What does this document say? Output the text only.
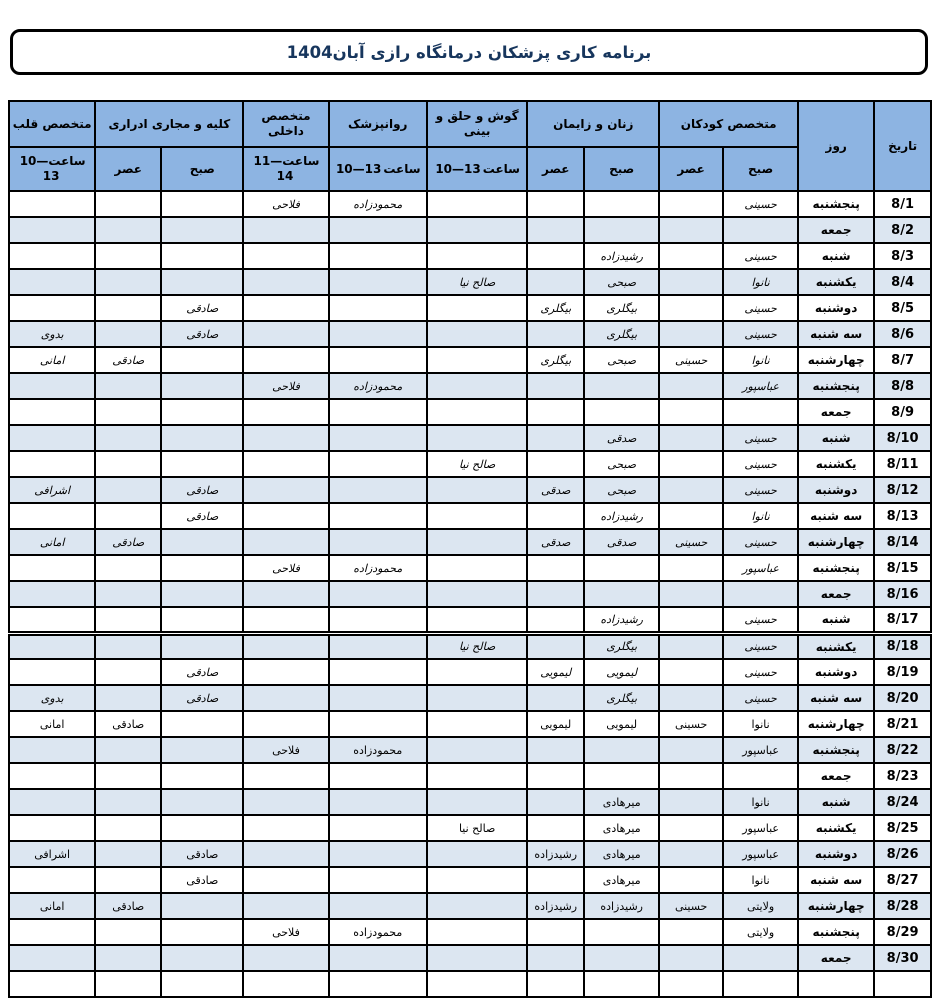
برنامه کاری پزشکان درمانگاه رازی آبان1404
تاریخ	روز	متخصص کودکان		زنان و زایمان		گوش و حلق و بینی	روانپزشک	متخصص داخلی	کلیه و مجاری ادراری		متخصص قلب
		صبح	عصر	صبح	عصر	ساعت10—13	ساعت10—13	ساعت11—14	صبح	عصر	ساعت10—13
8/1	پنجشنبه	حسینی					محمودزاده	فلاحی			
8/2	جمعه										
8/3	شنبه	حسینی		رشیدزاده							
8/4	یکشنبه	نانوا		صبحی		صالح نیا					
8/5	دوشنبه	حسینی		بیگلری	بیگلری				صادقی		
8/6	سه شنبه	حسینی		بیگلری					صادقی		بدوی
8/7	چهارشنبه	نانوا	حسینی	صبحی	بیگلری					صادقی	امانی
8/8	پنجشنبه	عباسپور					محمودزاده	فلاحی			
8/9	جمعه										
8/10	شنبه	حسینی		صدقی							
8/11	یکشنبه	حسینی		صبحی		صالح نیا					
8/12	دوشنبه	حسینی		صبحی	صدقی				صادقی		اشرافی
8/13	سه شنبه	نانوا		رشیدزاده					صادقی		
8/14	چهارشنبه	حسینی	حسینی	صدقی	صدقی					صادقی	امانی
8/15	پنجشنبه	عباسپور					محمودزاده	فلاحی			
8/16	جمعه										
8/17	شنبه	حسینی		رشیدزاده							
8/18	یکشنبه	حسینی		بیگلری		صالح نیا					
8/19	دوشنبه	حسینی		لیمویی	لیمویی				صادقی		
8/20	سه شنبه	حسینی		بیگلری					صادقی		بدوی
8/21	چهارشنبه	نانوا	حسینی	لیمویی	لیمویی					صادقی	امانی
8/22	پنجشنبه	عباسپور					محمودزاده	فلاحی			
8/23	جمعه										
8/24	شنبه	نانوا		میرهادی							
8/25	یکشنبه	عباسپور		میرهادی		صالح نیا					
8/26	دوشنبه	عباسپور		میرهادی	رشیدزاده				صادقی		اشرافی
8/27	سه شنبه	نانوا		میرهادی					صادقی		
8/28	چهارشنبه	ولایتی	حسینی	رشیدزاده	رشیدزاده					صادقی	امانی
8/29	پنجشنبه	ولایتی					محمودزاده	فلاحی			
8/30	جمعه										
